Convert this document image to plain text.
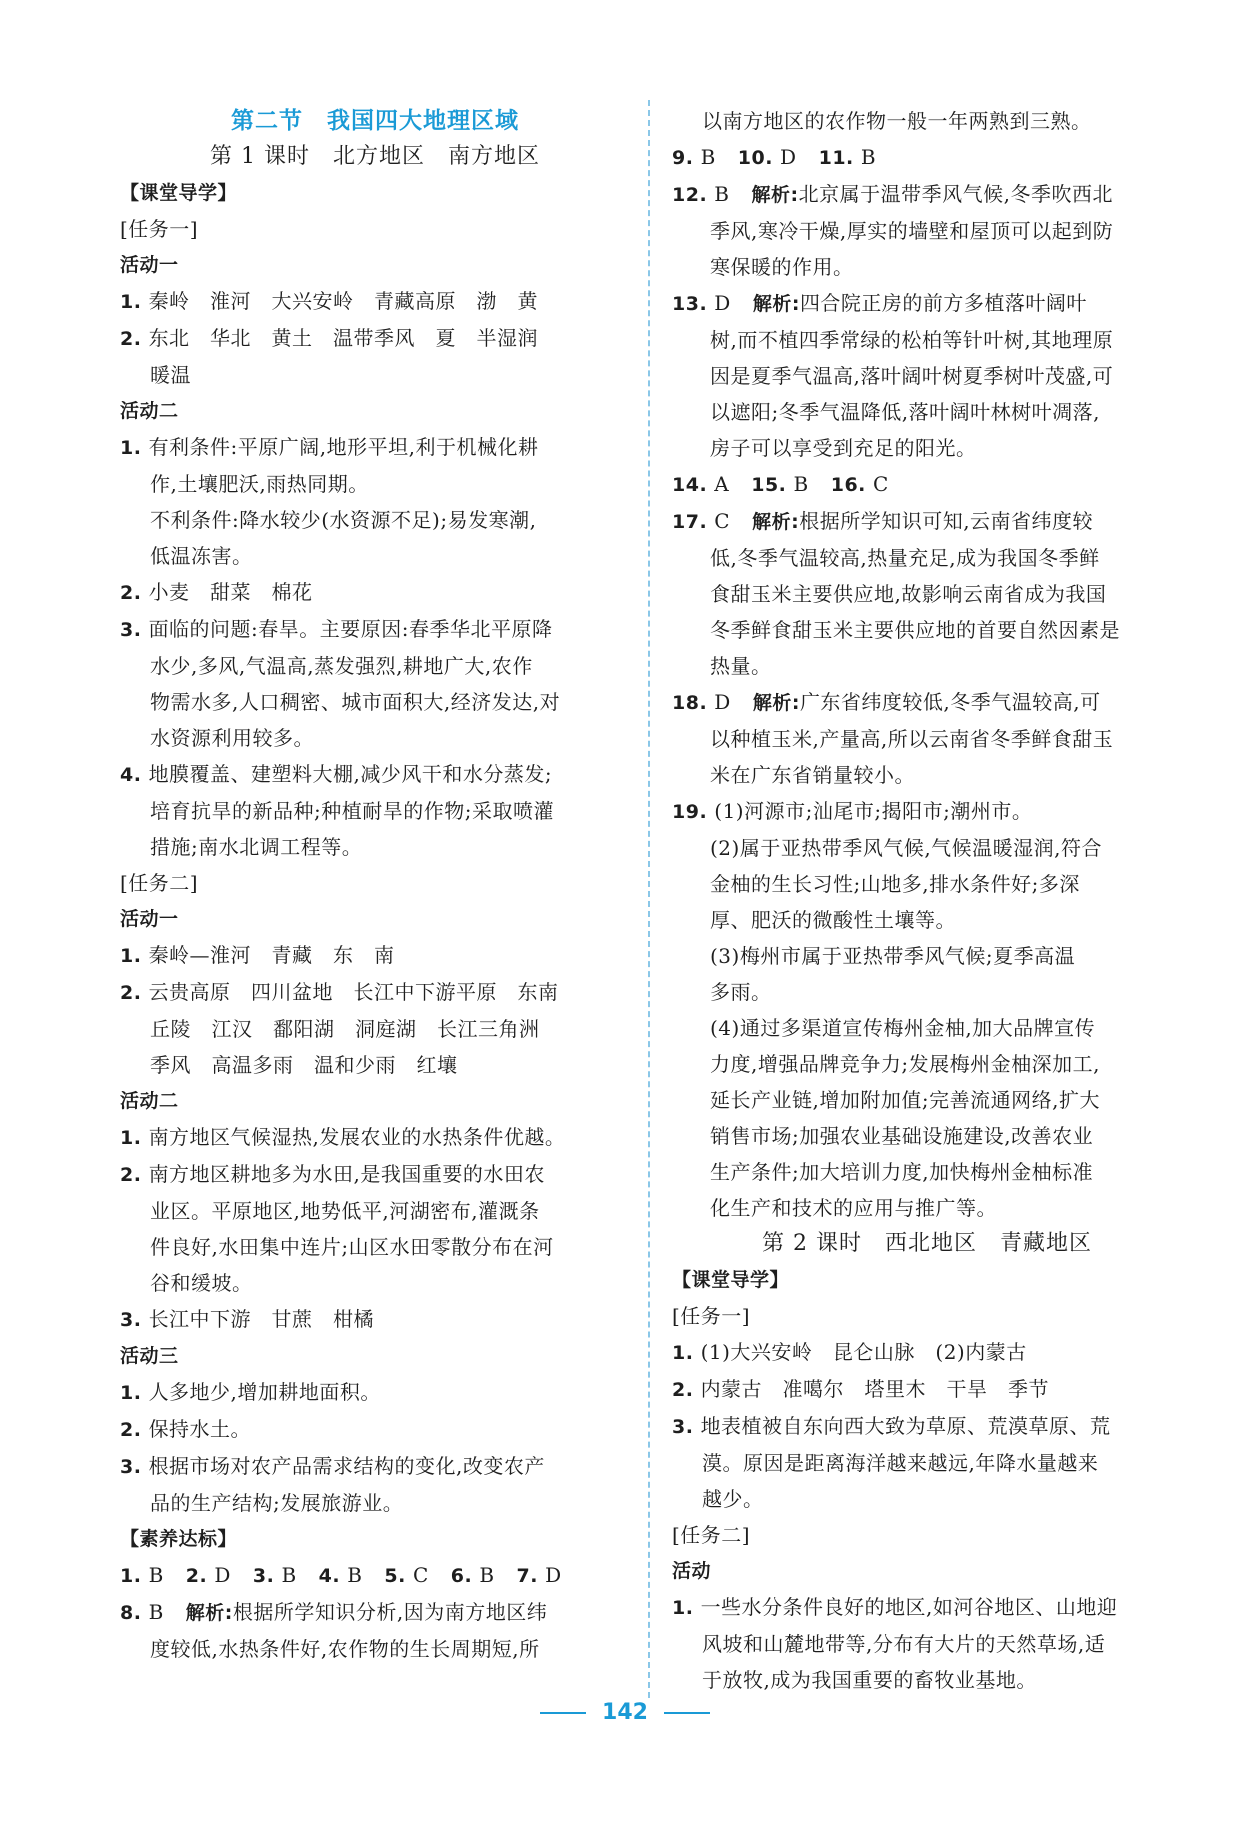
第二节　我国四大地理区域
第 1 课时　北方地区　南方地区
【课堂导学】
[任务一]
活动一
1. 秦岭　淮河　大兴安岭　青藏高原　渤　黄
2. 东北　华北　黄土　温带季风　夏　半湿润
暖温
活动二
1. 有利条件:平原广阔,地形平坦,利于机械化耕
作,土壤肥沃,雨热同期。
不利条件:降水较少(水资源不足);易发寒潮,
低温冻害。
2. 小麦　甜菜　棉花
3. 面临的问题:春旱。主要原因:春季华北平原降
水少,多风,气温高,蒸发强烈,耕地广大,农作
物需水多,人口稠密、城市面积大,经济发达,对
水资源利用较多。
4. 地膜覆盖、建塑料大棚,减少风干和水分蒸发;
培育抗旱的新品种;种植耐旱的作物;采取喷灌
措施;南水北调工程等。
[任务二]
活动一
1. 秦岭—淮河　青藏　东　南
2. 云贵高原　四川盆地　长江中下游平原　东南
丘陵　江汉　鄱阳湖　洞庭湖　长江三角洲
季风　高温多雨　温和少雨　红壤
活动二
1. 南方地区气候湿热,发展农业的水热条件优越。
2. 南方地区耕地多为水田,是我国重要的水田农
业区。平原地区,地势低平,河湖密布,灌溉条
件良好,水田集中连片;山区水田零散分布在河
谷和缓坡。
3. 长江中下游　甘蔗　柑橘
活动三
1. 人多地少,增加耕地面积。
2. 保持水土。
3. 根据市场对农产品需求结构的变化,改变农产
品的生产结构;发展旅游业。
【素养达标】
1. B 2. D 3. B 4. B 5. C 6. B 7. D
8. B 解析:根据所学知识分析,因为南方地区纬
度较低,水热条件好,农作物的生长周期短,所
以南方地区的农作物一般一年两熟到三熟。
9. B 10. D 11. B
12. B 解析:北京属于温带季风气候,冬季吹西北
季风,寒冷干燥,厚实的墙壁和屋顶可以起到防
寒保暖的作用。
13. D 解析:四合院正房的前方多植落叶阔叶
树,而不植四季常绿的松柏等针叶树,其地理原
因是夏季气温高,落叶阔叶树夏季树叶茂盛,可
以遮阳;冬季气温降低,落叶阔叶林树叶凋落,
房子可以享受到充足的阳光。
14. A 15. B 16. C
17. C 解析:根据所学知识可知,云南省纬度较
低,冬季气温较高,热量充足,成为我国冬季鲜
食甜玉米主要供应地,故影响云南省成为我国
冬季鲜食甜玉米主要供应地的首要自然因素是
热量。
18. D 解析:广东省纬度较低,冬季气温较高,可
以种植玉米,产量高,所以云南省冬季鲜食甜玉
米在广东省销量较小。
19. (1)河源市;汕尾市;揭阳市;潮州市。
(2)属于亚热带季风气候,气候温暖湿润,符合
金柚的生长习性;山地多,排水条件好;多深
厚、肥沃的微酸性土壤等。
(3)梅州市属于亚热带季风气候;夏季高温
多雨。
(4)通过多渠道宣传梅州金柚,加大品牌宣传
力度,增强品牌竞争力;发展梅州金柚深加工,
延长产业链,增加附加值;完善流通网络,扩大
销售市场;加强农业基础设施建设,改善农业
生产条件;加大培训力度,加快梅州金柚标准
化生产和技术的应用与推广等。
第 2 课时　西北地区　青藏地区
【课堂导学】
[任务一]
1. (1)大兴安岭　昆仑山脉　(2)内蒙古
2. 内蒙古　准噶尔　塔里木　干旱　季节
3. 地表植被自东向西大致为草原、荒漠草原、荒
漠。原因是距离海洋越来越远,年降水量越来
越少。
[任务二]
活动
1. 一些水分条件良好的地区,如河谷地区、山地迎
风坡和山麓地带等,分布有大片的天然草场,适
于放牧,成为我国重要的畜牧业基地。
142
